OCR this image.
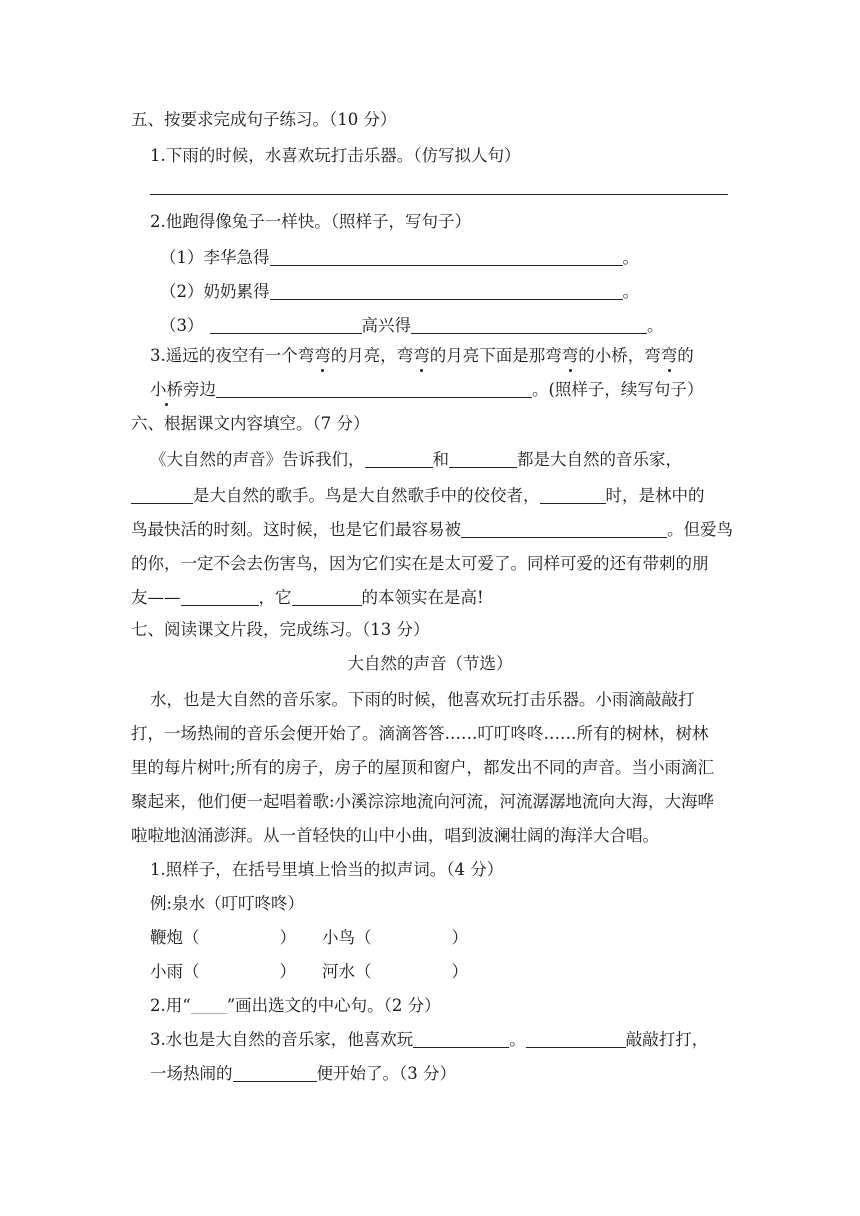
五、按要求完成句子练习。（10 分）
1.下雨的时候，水喜欢玩打击乐器。（仿写拟人句）
2.他跑得像兔子一样快。（照样子，写句子）
（1）李华急得	。
（2）奶奶累得	。
（3）	高兴得	。
3.遥远的夜空有一个弯弯的月亮，弯弯的月亮下面是那弯弯的小桥，弯弯的
小桥旁边	。(照样子，续写句子）
六、根据课文内容填空。（7 分）
《大自然的声音》告诉我们，	和	都是大自然的音乐家，
是大自然的歌手。鸟是大自然歌手中的佼佼者，	时，是林中的
鸟最快活的时刻。这时候，也是它们最容易被	。但爱鸟
的你，一定不会去伤害鸟，因为它们实在是太可爱了。同样可爱的还有带刺的朋
友——	，它	的本领实在是高!
七、阅读课文片段，完成练习。（13 分）
大自然的声音（节选）
水，也是大自然的音乐家。下雨的时候，他喜欢玩打击乐器。小雨滴敲敲打
打，一场热闹的音乐会便开始了。滴滴答答……叮叮咚咚……所有的树林，树林
里的每片树叶;所有的房子，房子的屋顶和窗户，都发出不同的声音。当小雨滴汇
聚起来，他们便一起唱着歌:小溪淙淙地流向河流，河流潺潺地流向大海，大海哗
啦啦地汹涌澎湃。从一首轻快的山中小曲，唱到波澜壮阔的海洋大合唱。
1.照样子，在括号里填上恰当的拟声词。（4 分）
例:泉水（叮叮咚咚）
鞭炮（	） 小鸟（	）
小雨（	） 河水（	）
2.用“ ”画出选文的中心句。（2 分）
3.水也是大自然的音乐家，他喜欢玩	。	敲敲打打，
一场热闹的	便开始了。（3 分）
